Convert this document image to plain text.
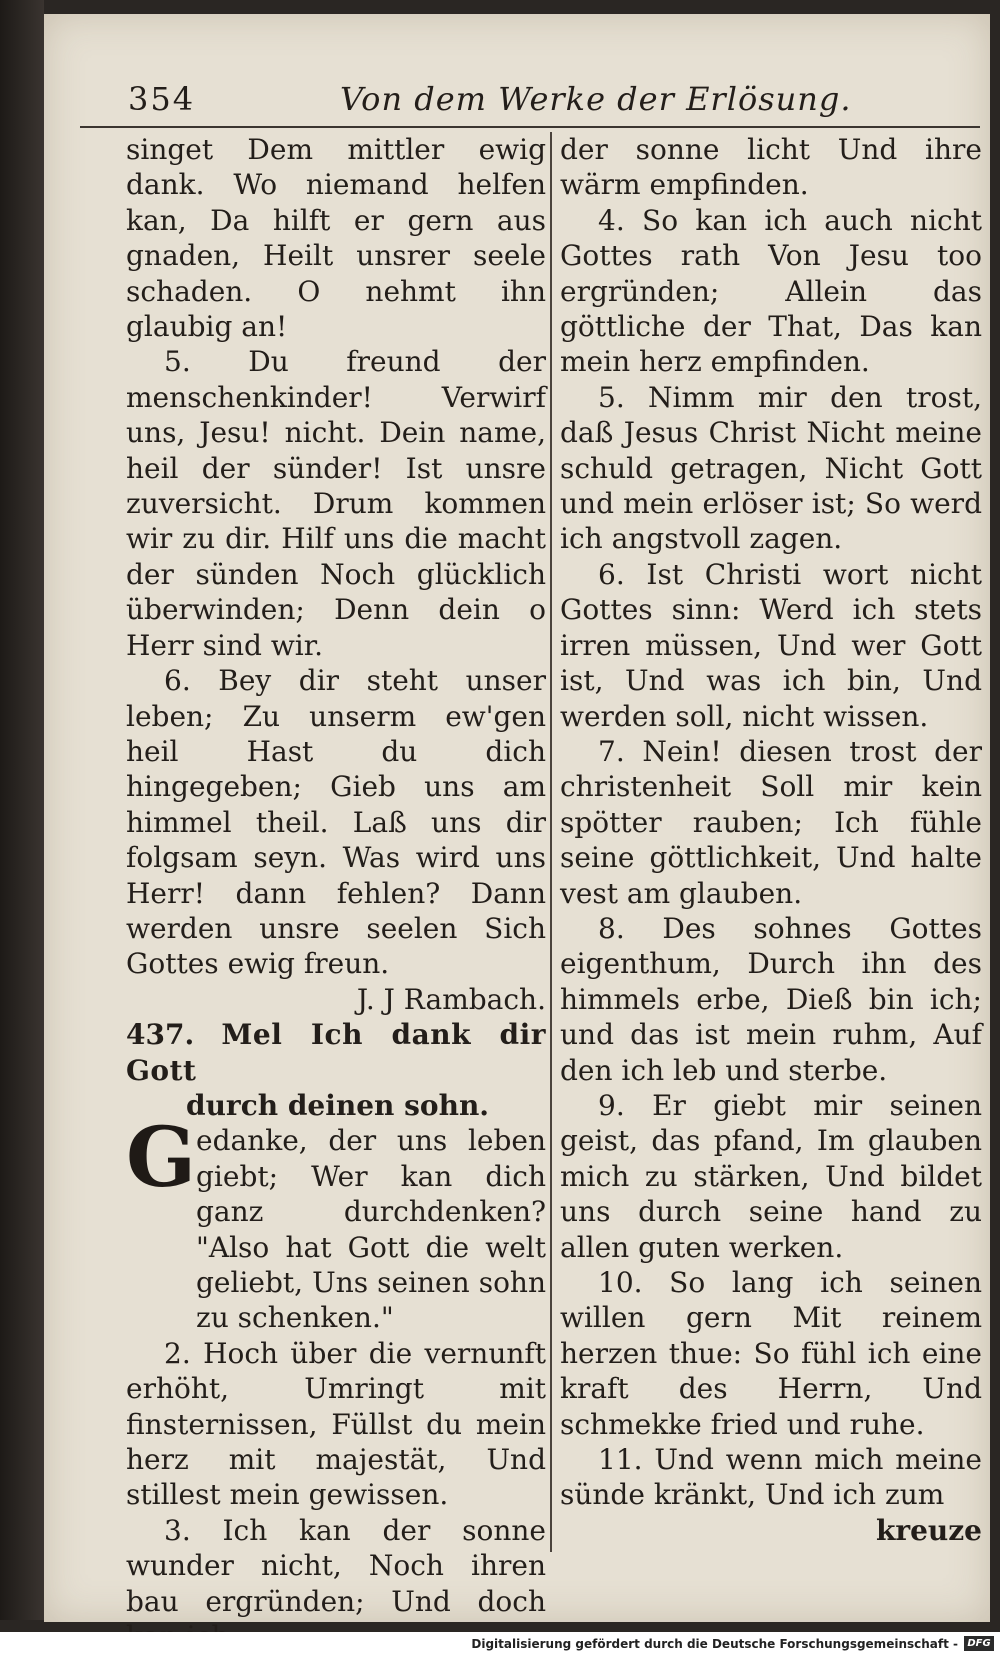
354	Von dem Werke der Erlösung.

singet Dem mittler ewig dank. Wo niemand helfen kan, Da hilft er gern aus gnaden, Heilt unsrer seele schaden. O nehmt ihn glaubig an!

5. Du freund der menschenkinder! Verwirf uns, Jesu! nicht. Dein name, heil der sünder! Ist unsre zuversicht. Drum kommen wir zu dir. Hilf uns die macht der sünden Noch glücklich überwinden; Denn dein o Herr sind wir.

6. Bey dir steht unser leben; Zu unserm ew'gen heil Hast du dich hingegeben; Gieb uns am himmel theil. Laß uns dir folgsam seyn. Was wird uns Herr! dann fehlen? Dann werden unsre seelen Sich Gottes ewig freun.

J. J Rambach.

437. Mel Ich dank dir Gott
durch deinen sohn.

G edanke, der uns leben giebt; Wer kan dich ganz durchdenken? "Also hat Gott die welt geliebt, Uns seinen sohn zu schenken."

2. Hoch über die vernunft erhöht, Umringt mit finsternissen, Füllst du mein herz mit majestät, Und stillest mein gewissen.

3. Ich kan der sonne wunder nicht, Noch ihren bau ergründen; Und doch

der sonne licht Und ihre wärm empfinden.

4. So kan ich auch nicht Gottes rath Von Jesu too ergründen; Allein das göttliche der That, Das kan mein herz empfinden.

5. Nimm mir den trost, daß Jesus Christ Nicht meine schuld getragen, Nicht Gott und mein erlöser ist; So werd ich angstvoll zagen.

6. Ist Christi wort nicht Gottes sinn: Werd ich stets irren müssen, Und wer Gott ist, Und was ich bin, Und werden soll, nicht wissen.

7. Nein! diesen trost der christenheit Soll mir kein spötter rauben; Ich fühle seine göttlichkeit, Und halte vest am glauben.

8. Des sohnes Gottes eigenthum, Durch ihn des himmels erbe, Dieß bin ich; und das ist mein ruhm, Auf den ich leb und sterbe.

9. Er giebt mir seinen geist, das pfand, Im glauben mich zu stärken, Und bildet uns durch seine hand zu allen guten werken.

10. So lang ich seinen willen gern Mit reinem herzen thue: So fühl ich eine kraft des Herrn, Und schmekke fried und ruhe.

11. Und wenn mich meine sünde kränkt, Und ich zum

kreuze

Digitalisierung gefördert durch die Deutsche Forschungsgemeinschaft - DFG
